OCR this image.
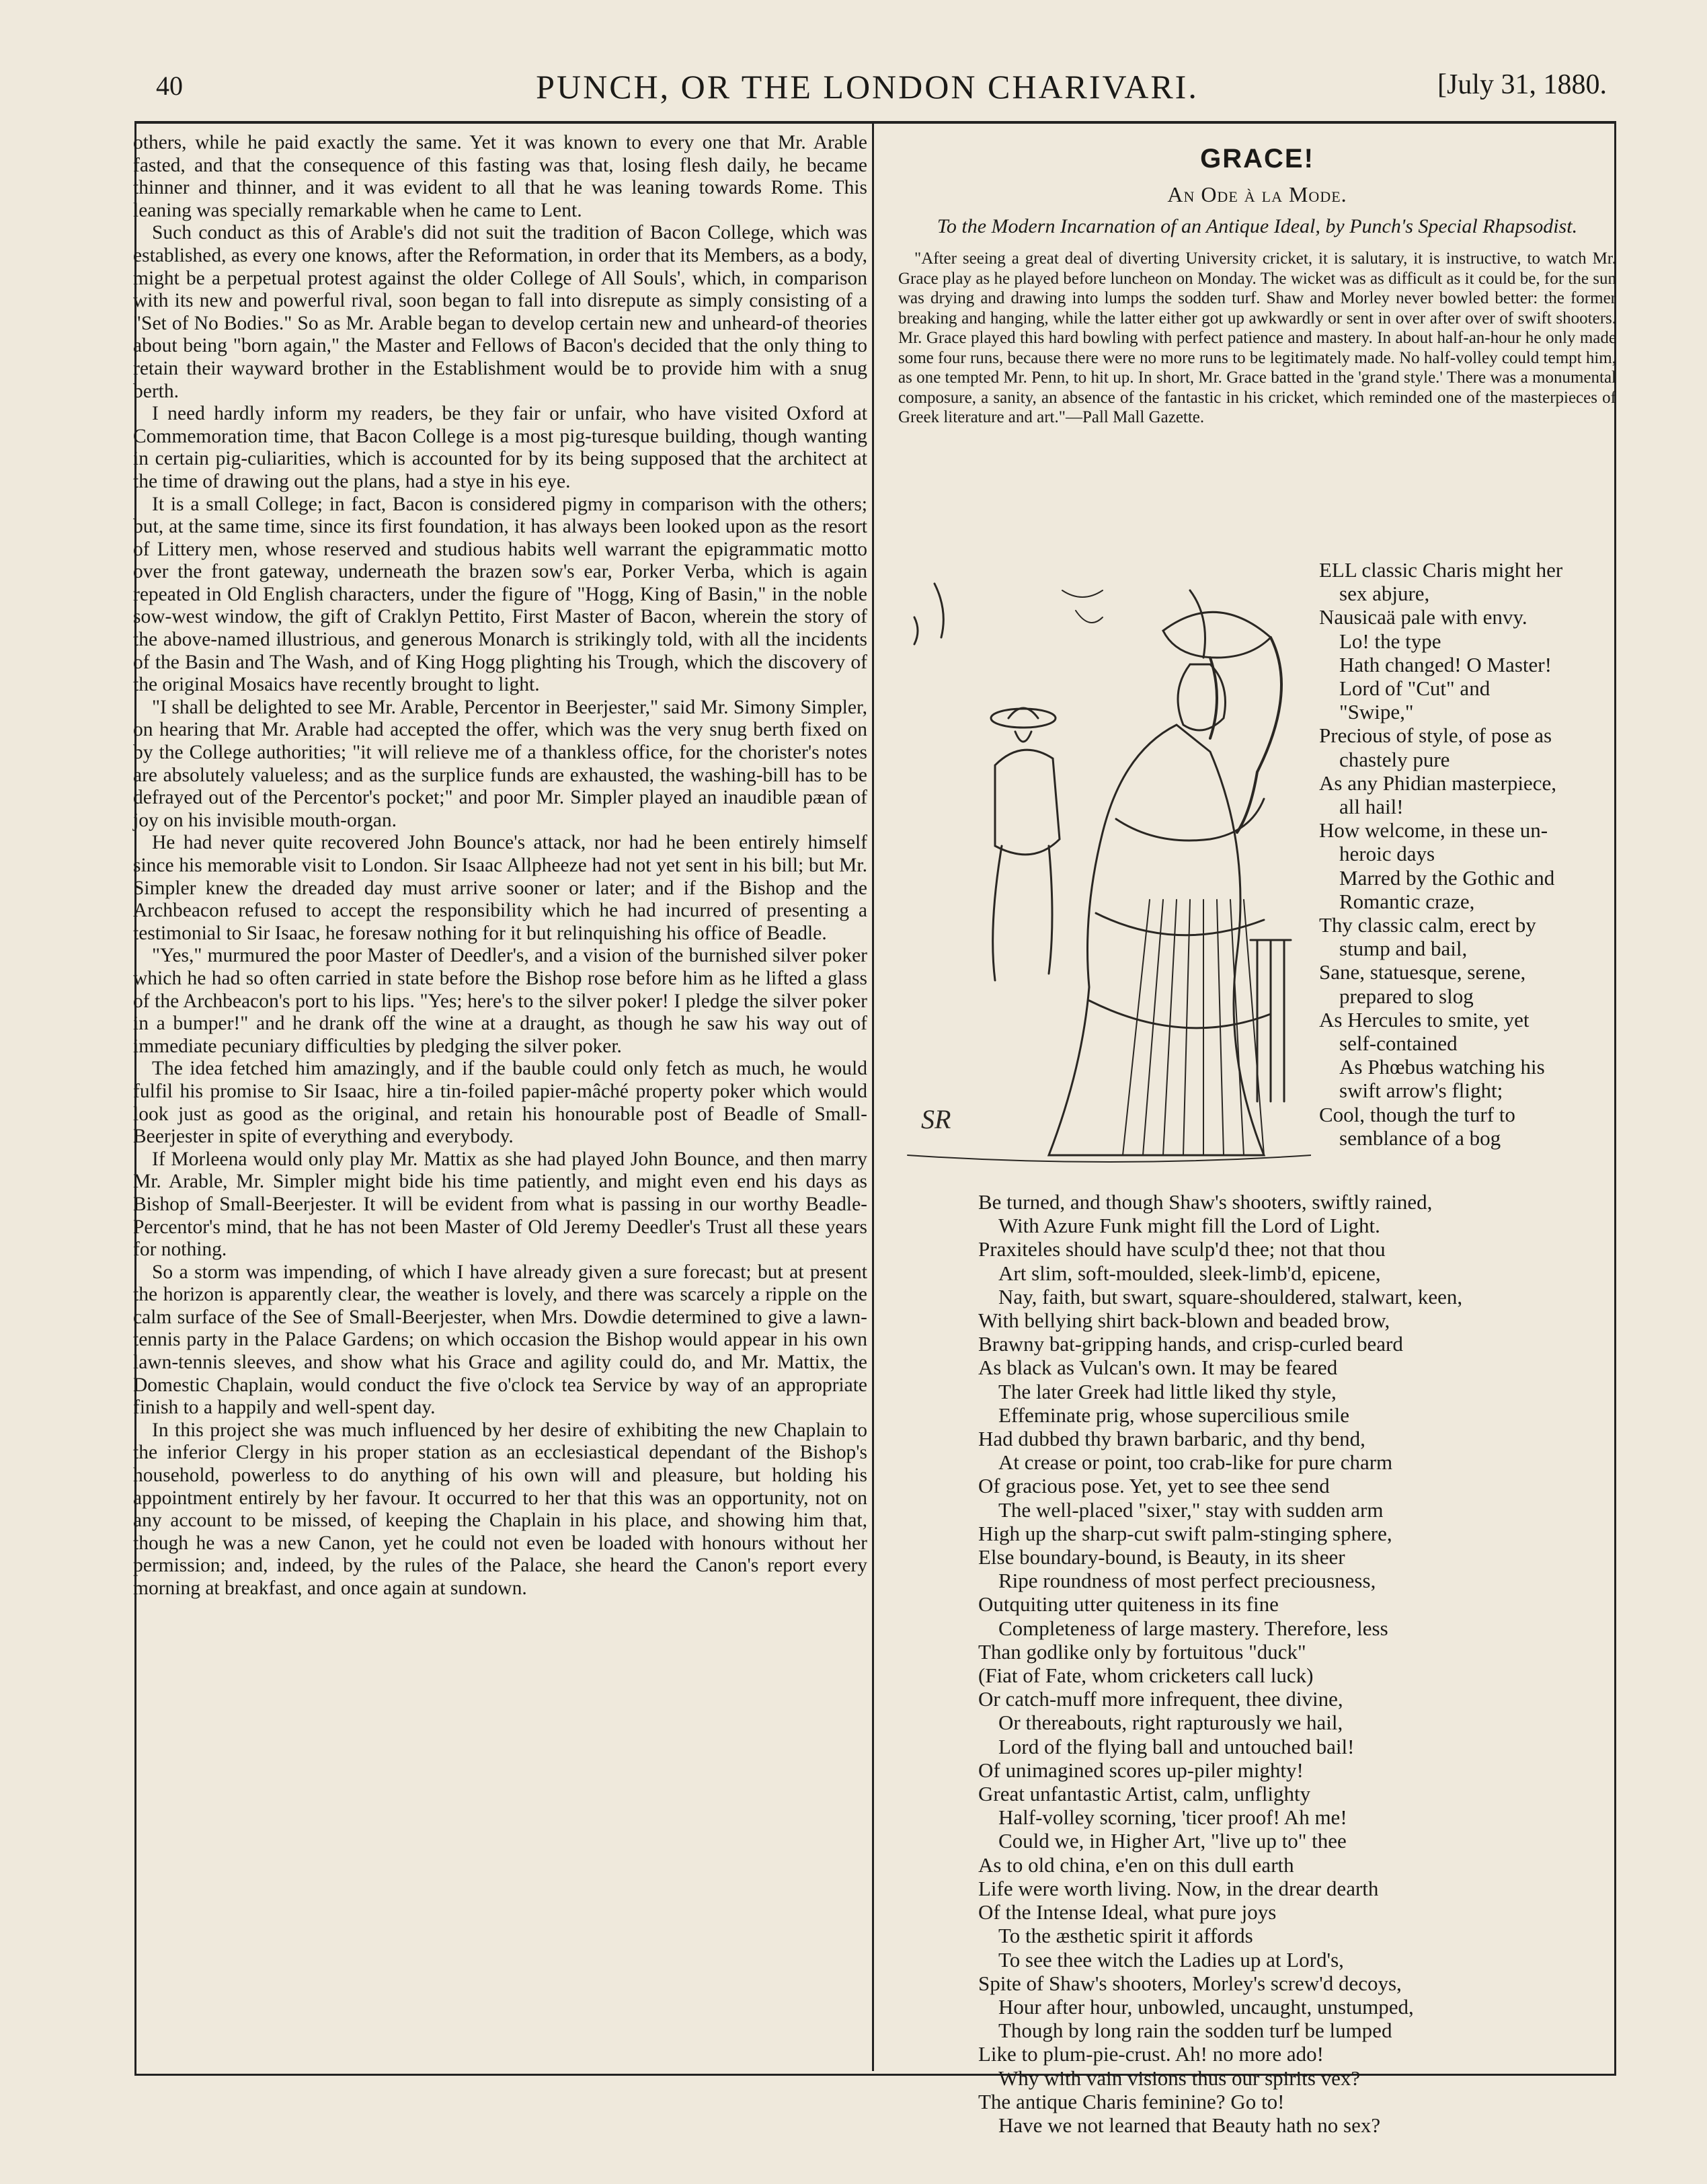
40	PUNCH, OR THE LONDON CHARIVARI.	[July 31, 1880.

others, while he paid exactly the same. Yet it was known to every one that Mr. Arable fasted, and that the consequence of this fasting was that, losing flesh daily, he became thinner and thinner, and it was evident to all that he was leaning towards Rome. This leaning was specially remarkable when he came to Lent.

Such conduct as this of Arable's did not suit the tradition of Bacon College, which was established, as every one knows, after the Reformation, in order that its Members, as a body, might be a perpetual protest against the older College of All Souls', which, in comparison with its new and powerful rival, soon began to fall into disrepute as simply consisting of a "Set of No Bodies." So as Mr. Arable began to develop certain new and unheard-of theories about being "born again," the Master and Fellows of Bacon's decided that the only thing to retain their wayward brother in the Establishment would be to provide him with a snug berth.

I need hardly inform my readers, be they fair or unfair, who have visited Oxford at Commemoration time, that Bacon College is a most pig-turesque building, though wanting in certain pig-culiarities, which is accounted for by its being supposed that the architect at the time of drawing out the plans, had a stye in his eye.

It is a small College; in fact, Bacon is considered pigmy in comparison with the others; but, at the same time, since its first foundation, it has always been looked upon as the resort of Littery men, whose reserved and studious habits well warrant the epigrammatic motto over the front gateway, underneath the brazen sow's ear, Porker Verba, which is again repeated in Old English characters, under the figure of "Hogg, King of Basin," in the noble sow-west window, the gift of Craklyn Pettito, First Master of Bacon, wherein the story of the above-named illustrious, and generous Monarch is strikingly told, with all the incidents of the Basin and The Wash, and of King Hogg plighting his Trough, which the discovery of the original Mosaics have recently brought to light.

"I shall be delighted to see Mr. Arable, Percentor in Beerjester," said Mr. Simony Simpler, on hearing that Mr. Arable had accepted the offer, which was the very snug berth fixed on by the College authorities; "it will relieve me of a thankless office, for the chorister's notes are absolutely valueless; and as the surplice funds are exhausted, the washing-bill has to be defrayed out of the Percentor's pocket;" and poor Mr. Simpler played an inaudible pæan of joy on his invisible mouth-organ.

He had never quite recovered John Bounce's attack, nor had he been entirely himself since his memorable visit to London. Sir Isaac Allpheeze had not yet sent in his bill; but Mr. Simpler knew the dreaded day must arrive sooner or later; and if the Bishop and the Archbeacon refused to accept the responsibility which he had incurred of presenting a testimonial to Sir Isaac, he foresaw nothing for it but relinquishing his office of Beadle.

"Yes," murmured the poor Master of Deedler's, and a vision of the burnished silver poker which he had so often carried in state before the Bishop rose before him as he lifted a glass of the Archbeacon's port to his lips. "Yes; here's to the silver poker! I pledge the silver poker in a bumper!" and he drank off the wine at a draught, as though he saw his way out of immediate pecuniary difficulties by pledging the silver poker.

The idea fetched him amazingly, and if the bauble could only fetch as much, he would fulfil his promise to Sir Isaac, hire a tin-foiled papier-mâché property poker which would look just as good as the original, and retain his honourable post of Beadle of Small-Beerjester in spite of everything and everybody.

If Morleena would only play Mr. Mattix as she had played John Bounce, and then marry Mr. Arable, Mr. Simpler might bide his time patiently, and might even end his days as Bishop of Small-Beerjester. It will be evident from what is passing in our worthy Beadle-Percentor's mind, that he has not been Master of Old Jeremy Deedler's Trust all these years for nothing.

So a storm was impending, of which I have already given a sure forecast; but at present the horizon is apparently clear, the weather is lovely, and there was scarcely a ripple on the calm surface of the See of Small-Beerjester, when Mrs. Dowdie determined to give a lawn-tennis party in the Palace Gardens; on which occasion the Bishop would appear in his own lawn-tennis sleeves, and show what his Grace and agility could do, and Mr. Mattix, the Domestic Chaplain, would conduct the five o'clock tea Service by way of an appropriate finish to a happily and well-spent day.

In this project she was much influenced by her desire of exhibiting the new Chaplain to the inferior Clergy in his proper station as an ecclesiastical dependant of the Bishop's household, powerless to do anything of his own will and pleasure, but holding his appointment entirely by her favour. It occurred to her that this was an opportunity, not on any account to be missed, of keeping the Chaplain in his place, and showing him that, though he was a new Canon, yet he could not even be loaded with honours without her permission; and, indeed, by the rules of the Palace, she heard the Canon's report every morning at breakfast, and once again at sundown.

GRACE!
An Ode à la Mode.
To the Modern Incarnation of an Antique Ideal, by Punch's Special Rhapsodist.

"After seeing a great deal of diverting University cricket, it is salutary, it is instructive, to watch Mr. Grace play as he played before luncheon on Monday. The wicket was as difficult as it could be, for the sun was drying and drawing into lumps the sodden turf. Shaw and Morley never bowled better: the former breaking and hanging, while the latter either got up awkwardly or sent in over after over of swift shooters. Mr. Grace played this hard bowling with perfect patience and mastery. In about half-an-hour he only made some four runs, because there were no more runs to be legitimately made. No half-volley could tempt him, as one tempted Mr. Penn, to hit up. In short, Mr. Grace batted in the 'grand style.' There was a monumental composure, a sanity, an absence of the fantastic in his cricket, which reminded one of the masterpieces of Greek literature and art."—Pall Mall Gazette.

SR
ELL classic Charis might her
sex abjure,
Nausicaä pale with envy.
Lo! the type
Hath changed! O Master!
Lord of "Cut" and
"Swipe,"
Precious of style, of pose as
chastely pure
As any Phidian masterpiece,
all hail!
How welcome, in these un-
heroic days
Marred by the Gothic and
Romantic craze,
Thy classic calm, erect by
stump and bail,
Sane, statuesque, serene,
prepared to slog
As Hercules to smite, yet
self-contained
As Phœbus watching his
swift arrow's flight;
Cool, though the turf to
semblance of a bog
Be turned, and though Shaw's shooters, swiftly rained,
With Azure Funk might fill the Lord of Light.
Praxiteles should have sculp'd thee; not that thou
Art slim, soft-moulded, sleek-limb'd, epicene,
Nay, faith, but swart, square-shouldered, stalwart, keen,
With bellying shirt back-blown and beaded brow,
Brawny bat-gripping hands, and crisp-curled beard
As black as Vulcan's own. It may be feared
The later Greek had little liked thy style,
Effeminate prig, whose supercilious smile
Had dubbed thy brawn barbaric, and thy bend,
At crease or point, too crab-like for pure charm
Of gracious pose. Yet, yet to see thee send
The well-placed "sixer," stay with sudden arm
High up the sharp-cut swift palm-stinging sphere,
Else boundary-bound, is Beauty, in its sheer
Ripe roundness of most perfect preciousness,
Outquiting utter quiteness in its fine
Completeness of large mastery. Therefore, less
Than godlike only by fortuitous "duck"
(Fiat of Fate, whom cricketers call luck)
Or catch-muff more infrequent, thee divine,
Or thereabouts, right rapturously we hail,
Lord of the flying ball and untouched bail!
Of unimagined scores up-piler mighty!
Great unfantastic Artist, calm, unflighty
Half-volley scorning, 'ticer proof! Ah me!
Could we, in Higher Art, "live up to" thee
As to old china, e'en on this dull earth
Life were worth living. Now, in the drear dearth
Of the Intense Ideal, what pure joys
To the æsthetic spirit it affords
To see thee witch the Ladies up at Lord's,
Spite of Shaw's shooters, Morley's screw'd decoys,
Hour after hour, unbowled, uncaught, unstumped,
Though by long rain the sodden turf be lumped
Like to plum-pie-crust. Ah! no more ado!
Why with vain visions thus our spirits vex?
The antique Charis feminine? Go to!
Have we not learned that Beauty hath no sex?
